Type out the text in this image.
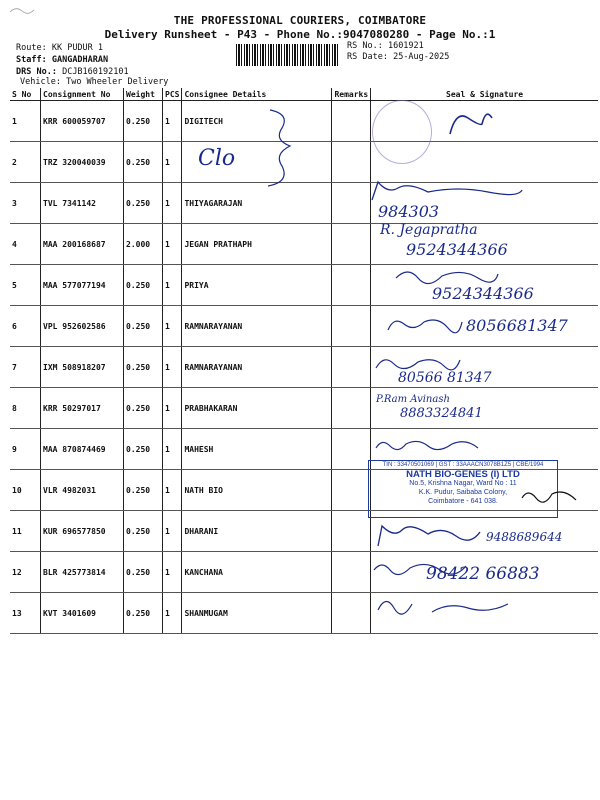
THE PROFESSIONAL COURIERS, COIMBATORE
Delivery Runsheet - P43 - Phone No.:9047080280 - Page No.:1
Route: KK PUDUR 1
Staff: GANGADHARAN
DRS No.: DCJB160192101
Vehicle: Two Wheeler Delivery
RS No.: 1601921
RS Date: 25-Aug-2025
S No	Consignment No	Weight	PCS	Consignee Details	Remarks	Seal & Signature

1	KRR 600059707	0.250	1	DIGITECH		

2	TRZ 320040039	0.250	1			

3	TVL 7341142	0.250	1	THIYAGARAJAN		

4	MAA 200168687	2.000	1	JEGAN PRATHAPH		

5	MAA 577077194	0.250	1	PRIYA		

6	VPL 952602586	0.250	1	RAMNARAYANAN		

7	IXM 508918207	0.250	1	RAMNARAYANAN		

8	KRR 50297017	0.250	1	PRABHAKARAN		

9	MAA 870874469	0.250	1	MAHESH		

10	VLR 4982031	0.250	1	NATH BIO		

11	KUR 696577850	0.250	1	DHARANI		

12	BLR 425773814	0.250	1	KANCHANA		

13	KVT 3401609	0.250	1	SHANMUGAM		

Clo
984303
R. Jegapratha
9524344366
9524344366
8056681347
80566 81347
P.Ram Avinash
8883324841
TIN : 33470501069 | GST : 33AAACN3078B1Z5 | CBE/1994
NATH BIO-GENES (I) LTD
No.5, Krishna Nagar, Ward No : 11
K.K. Pudur, Saibaba Colony,
Coimbatore - 641 038.
9488689644
98422 66883
